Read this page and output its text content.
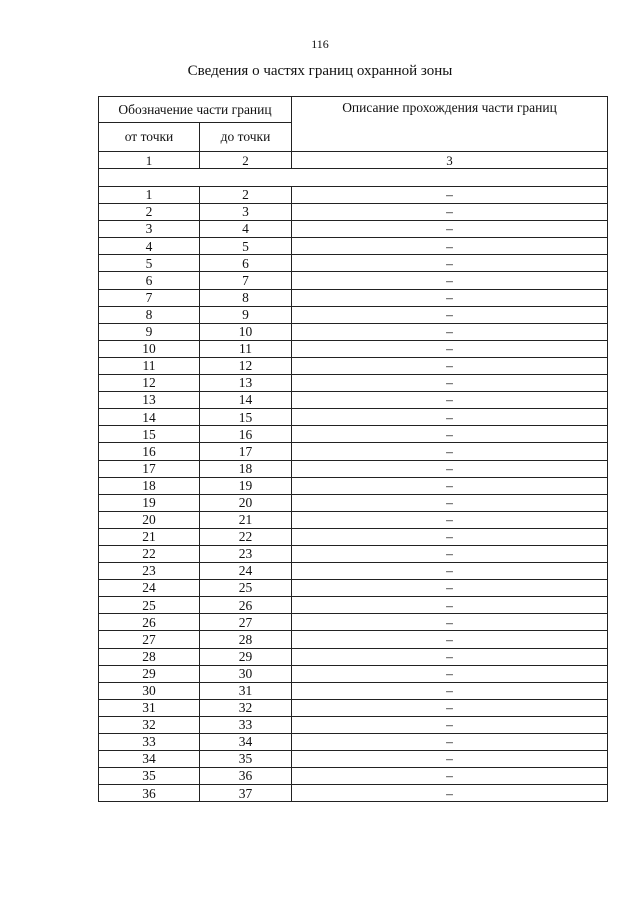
116
Сведения о частях границ охранной зоны
Обозначение части границ		Описание прохождения части границ
от точки	до точки	
1	2	3

1	2	–
2	3	–
3	4	–
4	5	–
5	6	–
6	7	–
7	8	–
8	9	–
9	10	–
10	11	–
11	12	–
12	13	–
13	14	–
14	15	–
15	16	–
16	17	–
17	18	–
18	19	–
19	20	–
20	21	–
21	22	–
22	23	–
23	24	–
24	25	–
25	26	–
26	27	–
27	28	–
28	29	–
29	30	–
30	31	–
31	32	–
32	33	–
33	34	–
34	35	–
35	36	–
36	37	–
